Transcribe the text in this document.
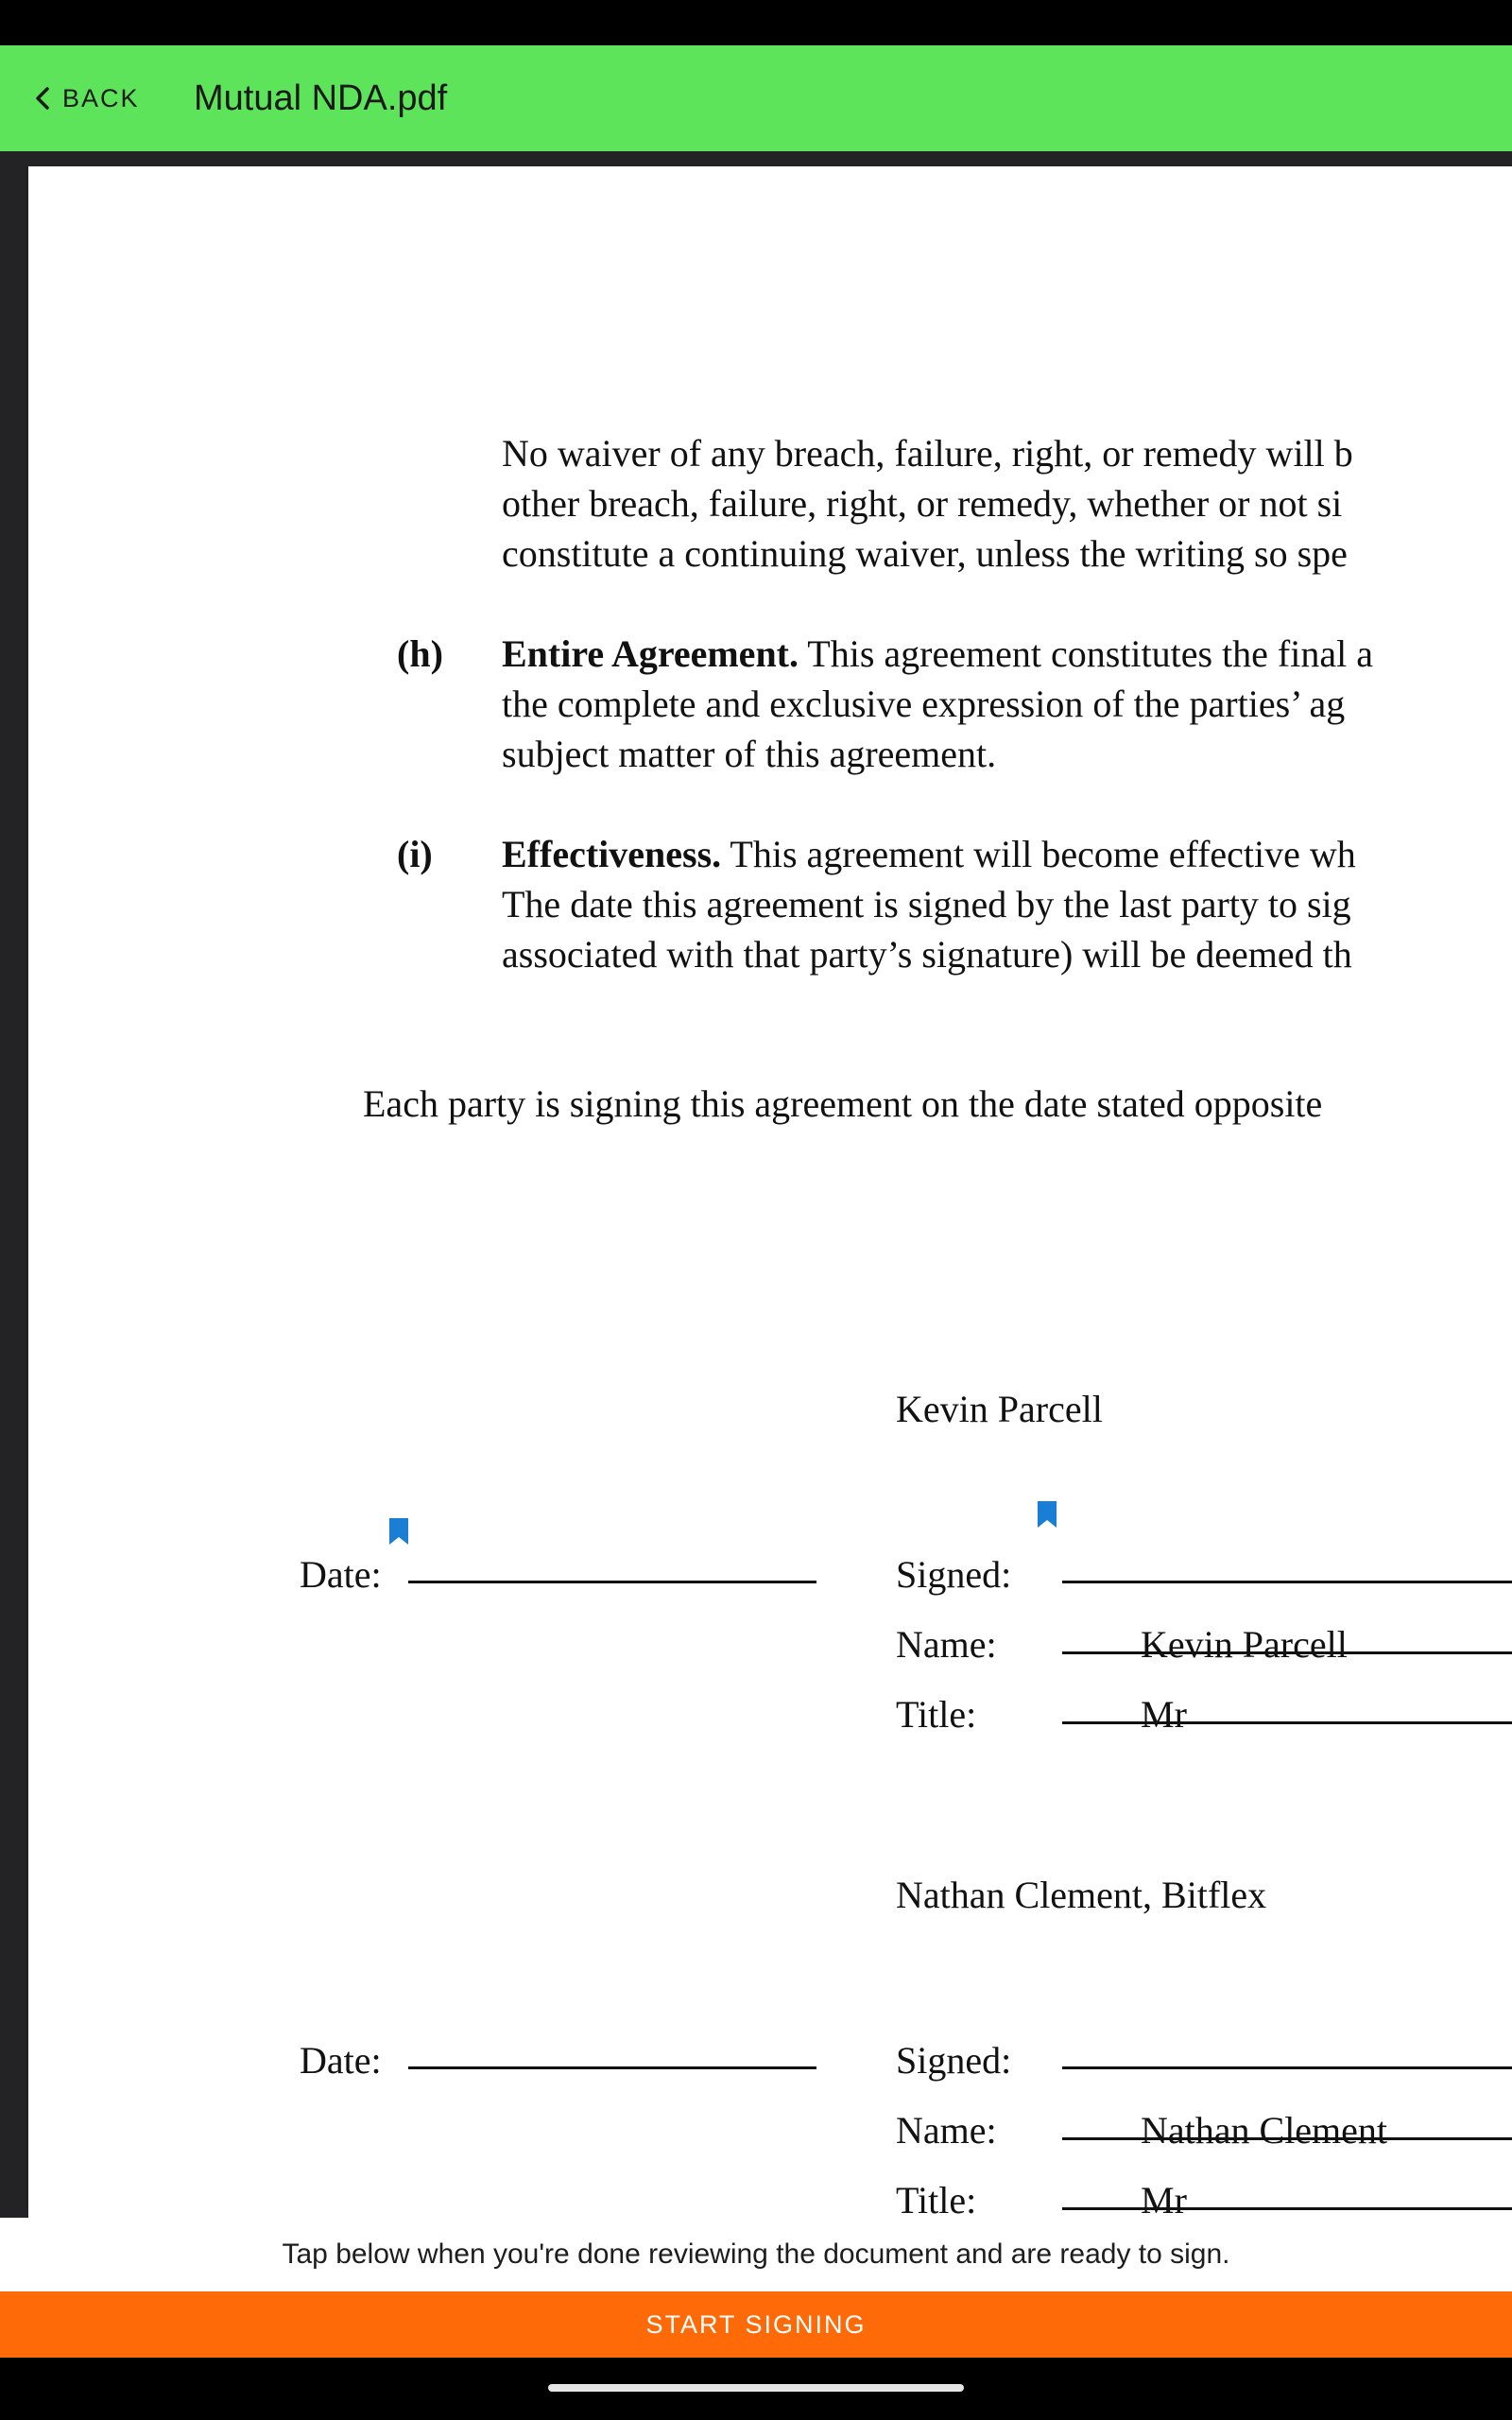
BACK Mutual NDA.pdf
No waiver of any breach, failure, right, or remedy will b
other breach, failure, right, or remedy, whether or not si
constitute a continuing waiver, unless the writing so spe
(h) Entire Agreement. This agreement constitutes the final a
the complete and exclusive expression of the parties’ ag
subject matter of this agreement.
(i) Effectiveness. This agreement will become effective wh
The date this agreement is signed by the last party to sig
associated with that party’s signature) will be deemed th
Each party is signing this agreement on the date stated opposite
Kevin Parcell
Date:	Signed:
Name:	Kevin Parcell
Title:	Mr
Nathan Clement, Bitflex
Date:	Signed:
Name:	Nathan Clement
Title:	Mr
Tap below when you're done reviewing the document and are ready to sign.
START SIGNING
